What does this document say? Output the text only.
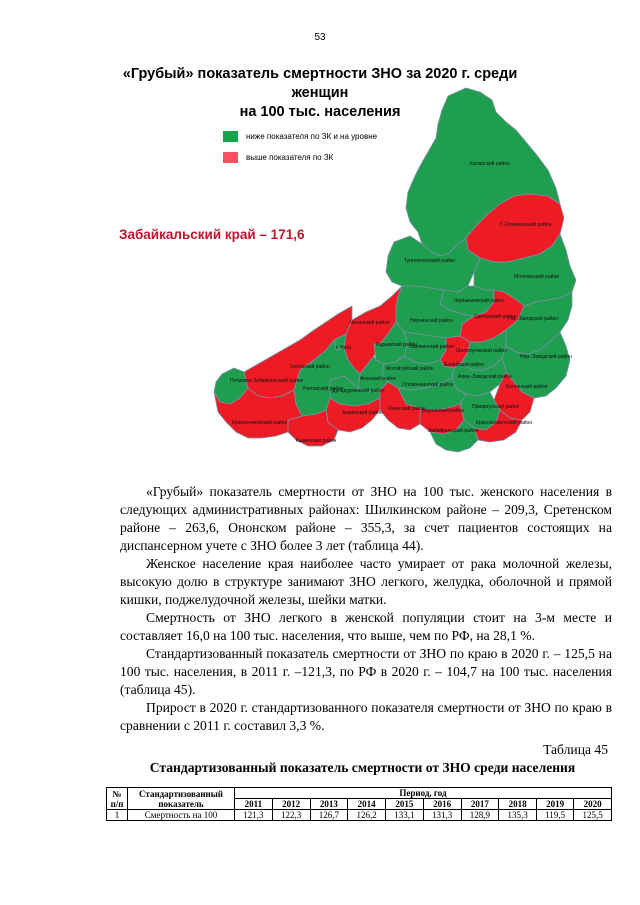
53
«Грубый» показатель смертности ЗНО за 2020 г. среди женщин
на 100 тыс. населения
Каларский район
Г.-Олекминский район
Тунгокоченский район
Могочинский район
Чернышевский район
Нерчинский район
Сретенский район
Газ.-Заводский район
Читинский район
г. Чита	Карымский район
Шилкинский район
Балейский район
Шелопугинский район
Нер.-Заводский район
Петровск-Забайкальский район
Хилокский район	Могойтуйский район
Алек.-Заводский район
Калганский район
Агинский район
Улетовский район
Дульдургинский район
Оловяннинский район
Красночикойский район
Акшинский район
Ононский район
Борзинский район
Приаргунский район
Кыринский район
Забайкальский район
Краснокаменский район
ниже показателя по ЗК и на уровне
выше показателя по ЗК
Забайкальский край – 171,6

«Грубый» показатель смертности от ЗНО на 100 тыс. женского населения в следующих административных районах: Шилкинском районе – 209,3, Сретенском районе – 263,6, Ононском районе – 355,3, за счет пациентов состоящих на диспансерном учете с ЗНО более 3 лет (таблица 44).

Женское население края наиболее часто умирает от рака молочной железы, высокую долю в структуре занимают ЗНО легкого, желудка, оболочной и прямой кишки, поджелудочной железы, шейки матки.

Смертность от ЗНО легкого в женской популяции стоит на 3-м месте и составляет 16,0 на 100 тыс. населения, что выше, чем по РФ, на 28,1 %.

Стандартизованный показатель смертности от ЗНО по краю в 2020 г. – 125,5 на 100 тыс. населения, в 2011 г. –121,3, по РФ в 2020 г. – 104,7 на 100 тыс. населения (таблица 45).

Прирост в 2020 г. стандартизованного показателя смертности от ЗНО по краю в сравнении с 2011 г. составил 3,3 %.

Таблица 45
Стандартизованный показатель смертности от ЗНО среди населения
№ п/п	Стандартизованный показатель	Период, год									
		2011	2012	2013	2014	2015	2016	2017	2018	2019	2020
1	Смертность на 100	121,3	122,3	126,7	126,2	133,1	131,3	128,9	135,3	119,5	125,5
